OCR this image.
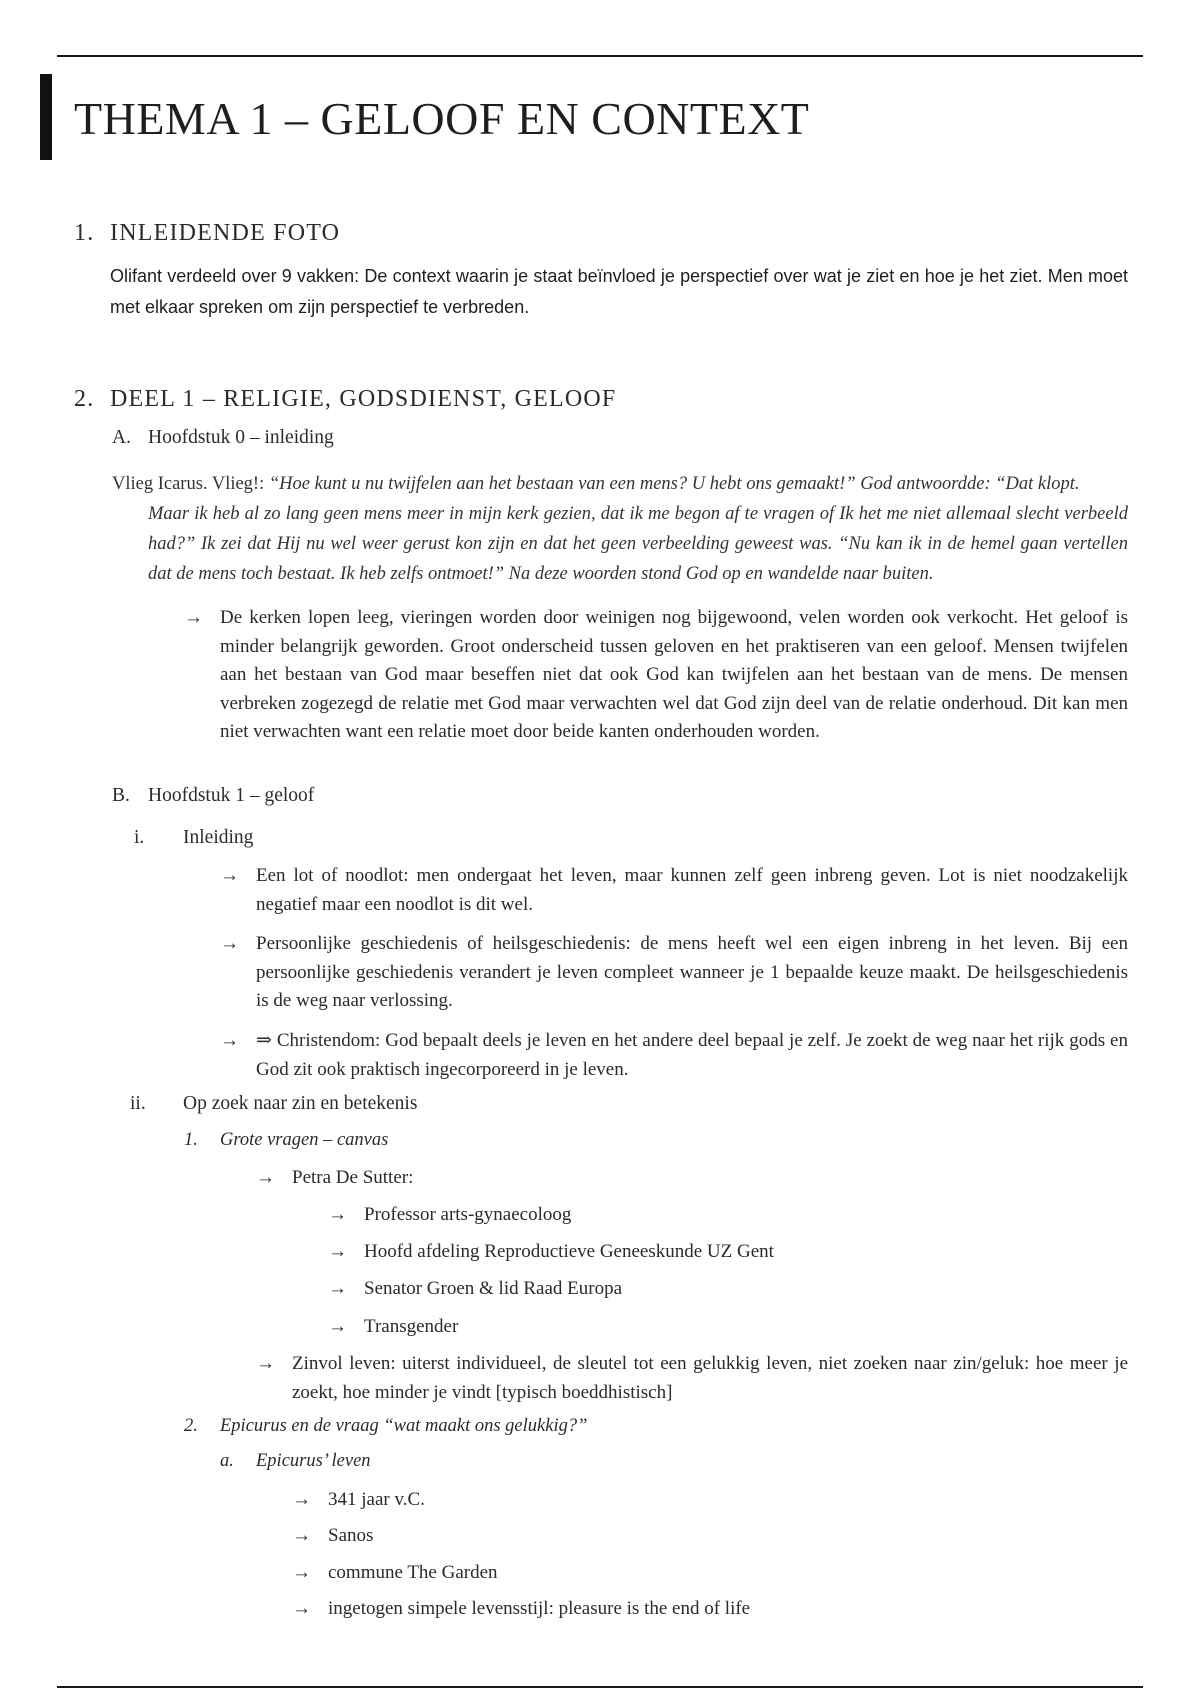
THEMA 1 – GELOOF EN CONTEXT
1. INLEIDENDE FOTO
Olifant verdeeld over 9 vakken: De context waarin je staat beïnvloed je perspectief over wat je ziet en hoe je het ziet. Men moet met elkaar spreken om zijn perspectief te verbreden.
2. DEEL 1 – RELIGIE, GODSDIENST, GELOOF
A. Hoofdstuk 0 – inleiding
Vlieg Icarus. Vlieg!: “Hoe kunt u nu twijfelen aan het bestaan van een mens? U hebt ons gemaakt!” God antwoordde: “Dat klopt.
Maar ik heb al zo lang geen mens meer in mijn kerk gezien, dat ik me begon af te vragen of Ik het me niet allemaal slecht verbeeld had?” Ik zei dat Hij nu wel weer gerust kon zijn en dat het geen verbeelding geweest was. “Nu kan ik in de hemel gaan vertellen dat de mens toch bestaat. Ik heb zelfs ontmoet!” Na deze woorden stond God op en wandelde naar buiten.
→ De kerken lopen leeg, vieringen worden door weinigen nog bijgewoond, velen worden ook verkocht. Het geloof is minder belangrijk geworden. Groot onderscheid tussen geloven en het praktiseren van een geloof. Mensen twijfelen aan het bestaan van God maar beseffen niet dat ook God kan twijfelen aan het bestaan van de mens. De mensen verbreken zogezegd de relatie met God maar verwachten wel dat God zijn deel van de relatie onderhoud. Dit kan men niet verwachten want een relatie moet door beide kanten onderhouden worden.
B. Hoofdstuk 1 – geloof
i. Inleiding
→ Een lot of noodlot: men ondergaat het leven, maar kunnen zelf geen inbreng geven. Lot is niet noodzakelijk negatief maar een noodlot is dit wel.
→ Persoonlijke geschiedenis of heilsgeschiedenis: de mens heeft wel een eigen inbreng in het leven. Bij een persoonlijke geschiedenis verandert je leven compleet wanneer je 1 bepaalde keuze maakt. De heilsgeschiedenis is de weg naar verlossing.
→ ⇒ Christendom: God bepaalt deels je leven en het andere deel bepaal je zelf. Je zoekt de weg naar het rijk gods en God zit ook praktisch ingecorporeerd in je leven.
ii. Op zoek naar zin en betekenis
1. Grote vragen – canvas
→ Petra De Sutter:
→ Professor arts-gynaecoloog
→ Hoofd afdeling Reproductieve Geneeskunde UZ Gent
→ Senator Groen & lid Raad Europa
→ Transgender
→ Zinvol leven: uiterst individueel, de sleutel tot een gelukkig leven, niet zoeken naar zin/geluk: hoe meer je zoekt, hoe minder je vindt [typisch boeddhistisch]
2. Epicurus en de vraag “wat maakt ons gelukkig?”
a. Epicurus’ leven
→ 341 jaar v.C.
→ Sanos
→ commune The Garden
→ ingetogen simpele levensstijl: pleasure is the end of life
